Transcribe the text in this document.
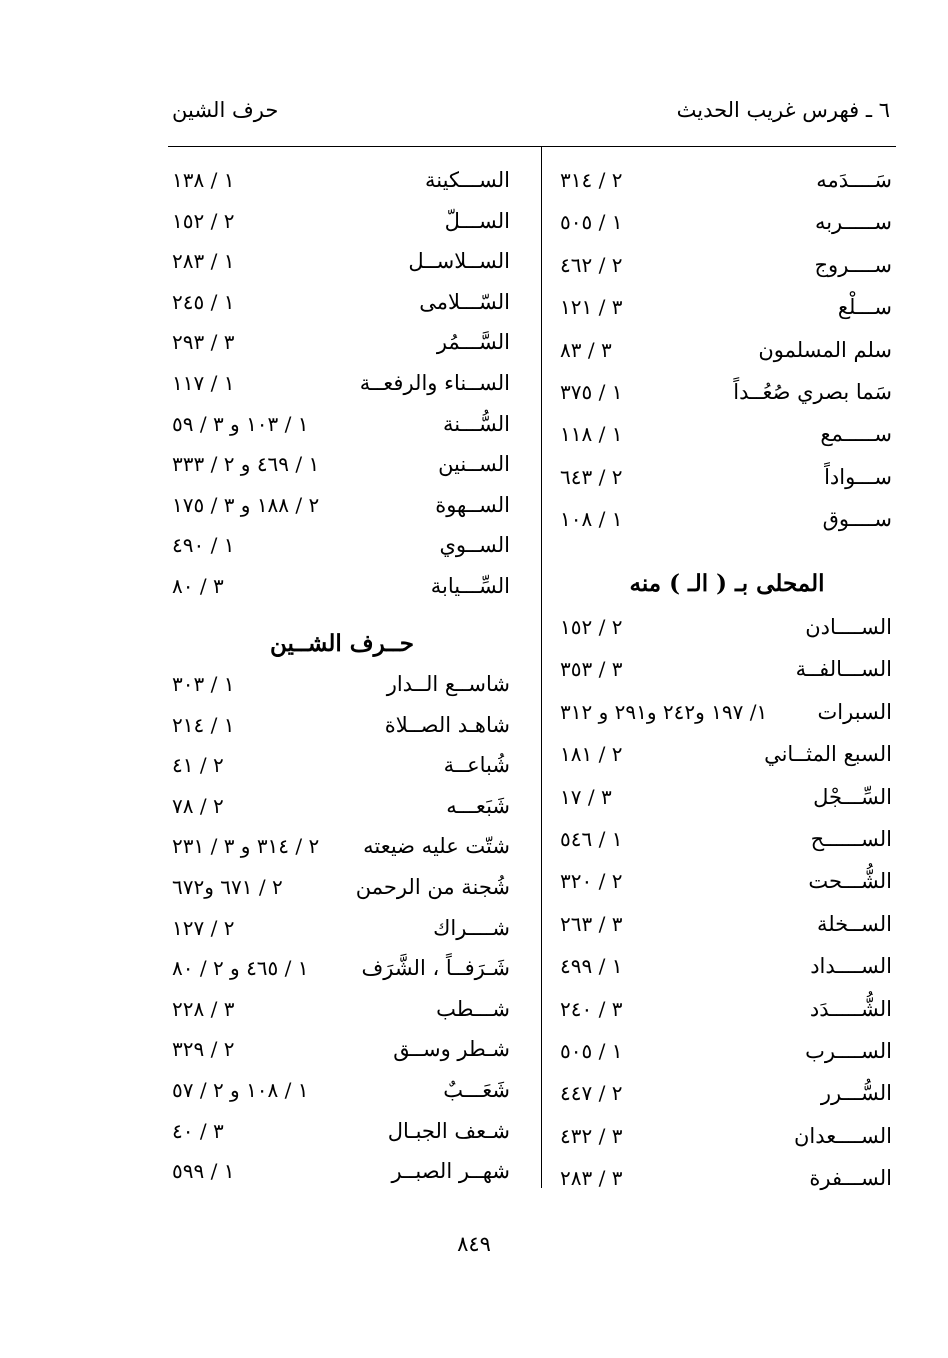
٦ ـ فهرس غريب الحديث
حرف الشين
سَــــدَمه
٢ / ٣١٤
ســـــربه
١ / ٥٠٥
ســــروج
٢ / ٤٦٢
ســـلْع
٣ / ١٢١
سلم المسلمون
٣ / ٨٣
سَما بصري صُعُــداً
١ / ٣٧٥
ســـــمع
١ / ١١٨
ســـواداً
٢ / ٦٤٣
ســــوق
١ / ١٠٨
المحلى بـ ( الـ ) منه
الســــادن
٢ / ١٥٢
الســـالفــة
٣ / ٣٥٣
السبرات
١/ ١٩٧ و٢٤٢ و٢٩١ و ٣١٢
السبع المثــاني
٢ / ١٨١
السِّـــجْل
٣ / ١٧
الســــــح
١ / ٥٤٦
الشُّـــحت
٢ / ٣٢٠
الســخلة
٣ / ٢٦٣
الســــداد
١ / ٤٩٩
الشُّـــــدَد
٣ / ٢٤٠
الســــرب
١ / ٥٠٥
السُّـــرر
٢ / ٤٤٧
الســــعدان
٣ / ٤٣٢
الســـفرة
٣ / ٢٨٣
الســـكينة
١ / ١٣٨
الســـلّ
٢ / ١٥٢
الســلاســل
١ / ٢٨٣
السّـــلامى
١ / ٢٤٥
السَّـــمُر
٣ / ٢٩٣
الســناء والرفعــة
١ / ١١٧
السُّـــنة
١ / ١٠٣ و ٣ / ٥٩
الســنين
١ / ٤٦٩ و ٢ / ٣٣٣
الســهوة
٢ / ١٨٨ و ٣ / ١٧٥
الســوي
١ / ٤٩٠
السِّـــيابة
٣ / ٨٠
حــرف الشــين
شاســع الــدار
١ / ٣٠٣
شاهـد الصــلاة
١ / ٢١٤
شُباعــة
٢ / ٤١
شَبَعـــه
٢ / ٧٨
شتّت عليه ضيعته
٢ / ٣١٤ و ٣ / ٢٣١
شُجنة من الرحمن
٢ / ٦٧١ و٦٧٢
شــــراك
٢ / ١٢٧
شَـرَفــاً ، الشَّرَف
١ / ٤٦٥ و ٢ / ٨٠
شـــطب
٣ / ٢٢٨
شـطر وســق
٢ / ٣٢٩
شَعَـــبٌ
١ / ١٠٨ و ٢ / ٥٧
شـعف الجبـال
٣ / ٤٠
شهــر الصبــر
١ / ٥٩٩
٨٤٩
